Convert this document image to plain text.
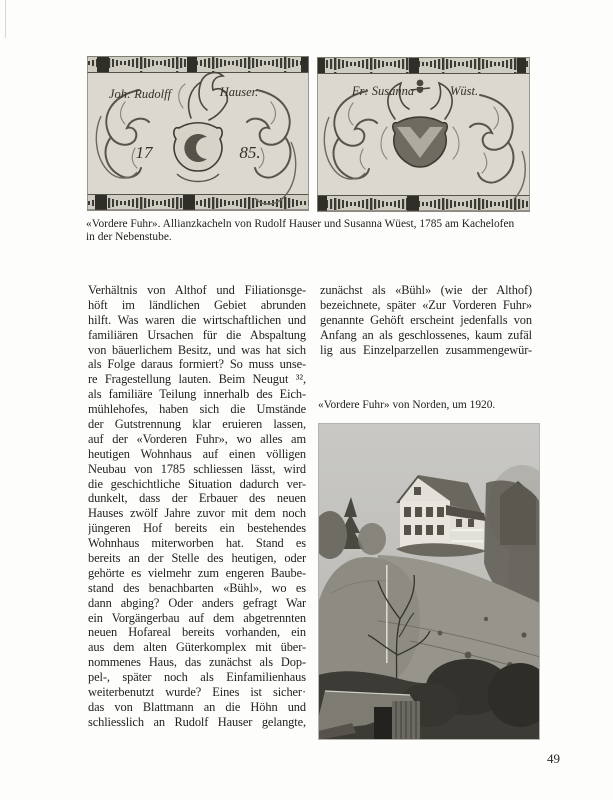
Joh: Rudolff	Hauser.
17	85.
Fr: Susanna	Wüst.
«Vordere Fuhr». Allianzkacheln von Rudolf Hauser und Susanna Wüest, 1785 am Kachelofen
in der Nebenstube.
Verhältnis von Althof und Filiationsge-
höft im ländlichen Gebiet abrunden
hilft. Was waren die wirtschaftlichen und
familiären Ursachen für die Abspaltung
von bäuerlichem Besitz, und was hat sich
als Folge daraus formiert? So muss unse-
re Fragestellung lauten. Beim Neugut ³²,
als familiäre Teilung innerhalb des Eich-
mühlehofes, haben sich die Umstände
der Gutstrennung klar eruieren lassen,
auf der «Vorderen Fuhr», wo alles am
heutigen Wohnhaus auf einen völligen
Neubau von 1785 schliessen lässt, wird
die geschichtliche Situation dadurch ver-
dunkelt, dass der Erbauer des neuen
Hauses zwölf Jahre zuvor mit dem noch
jüngeren Hof bereits ein bestehendes
Wohnhaus miterworben hat. Stand es
bereits an der Stelle des heutigen, oder
gehörte es vielmehr zum engeren Baube-
stand des benachbarten «Bühl», wo es
dann abging? Oder anders gefragt War
ein Vorgängerbau auf dem abgetrennten
neuen Hofareal bereits vorhanden, ein
aus dem alten Güterkomplex mit über-
nommenes Haus, das zunächst als Dop-
pel-, später noch als Einfamilienhaus
weiterbenutzt wurde? Eines ist sicher·
das von Blattmann an die Höhn und
schliesslich an Rudolf Hauser gelangte,
zunächst als «Bühl» (wie der Althof)
bezeichnete, später «Zur Vorderen Fuhr»
genannte Gehöft erscheint jedenfalls von
Anfang an als geschlossenes, kaum zufäl
lig aus Einzelparzellen zusammengewür-
«Vordere Fuhr» von Norden, um 1920.
49
